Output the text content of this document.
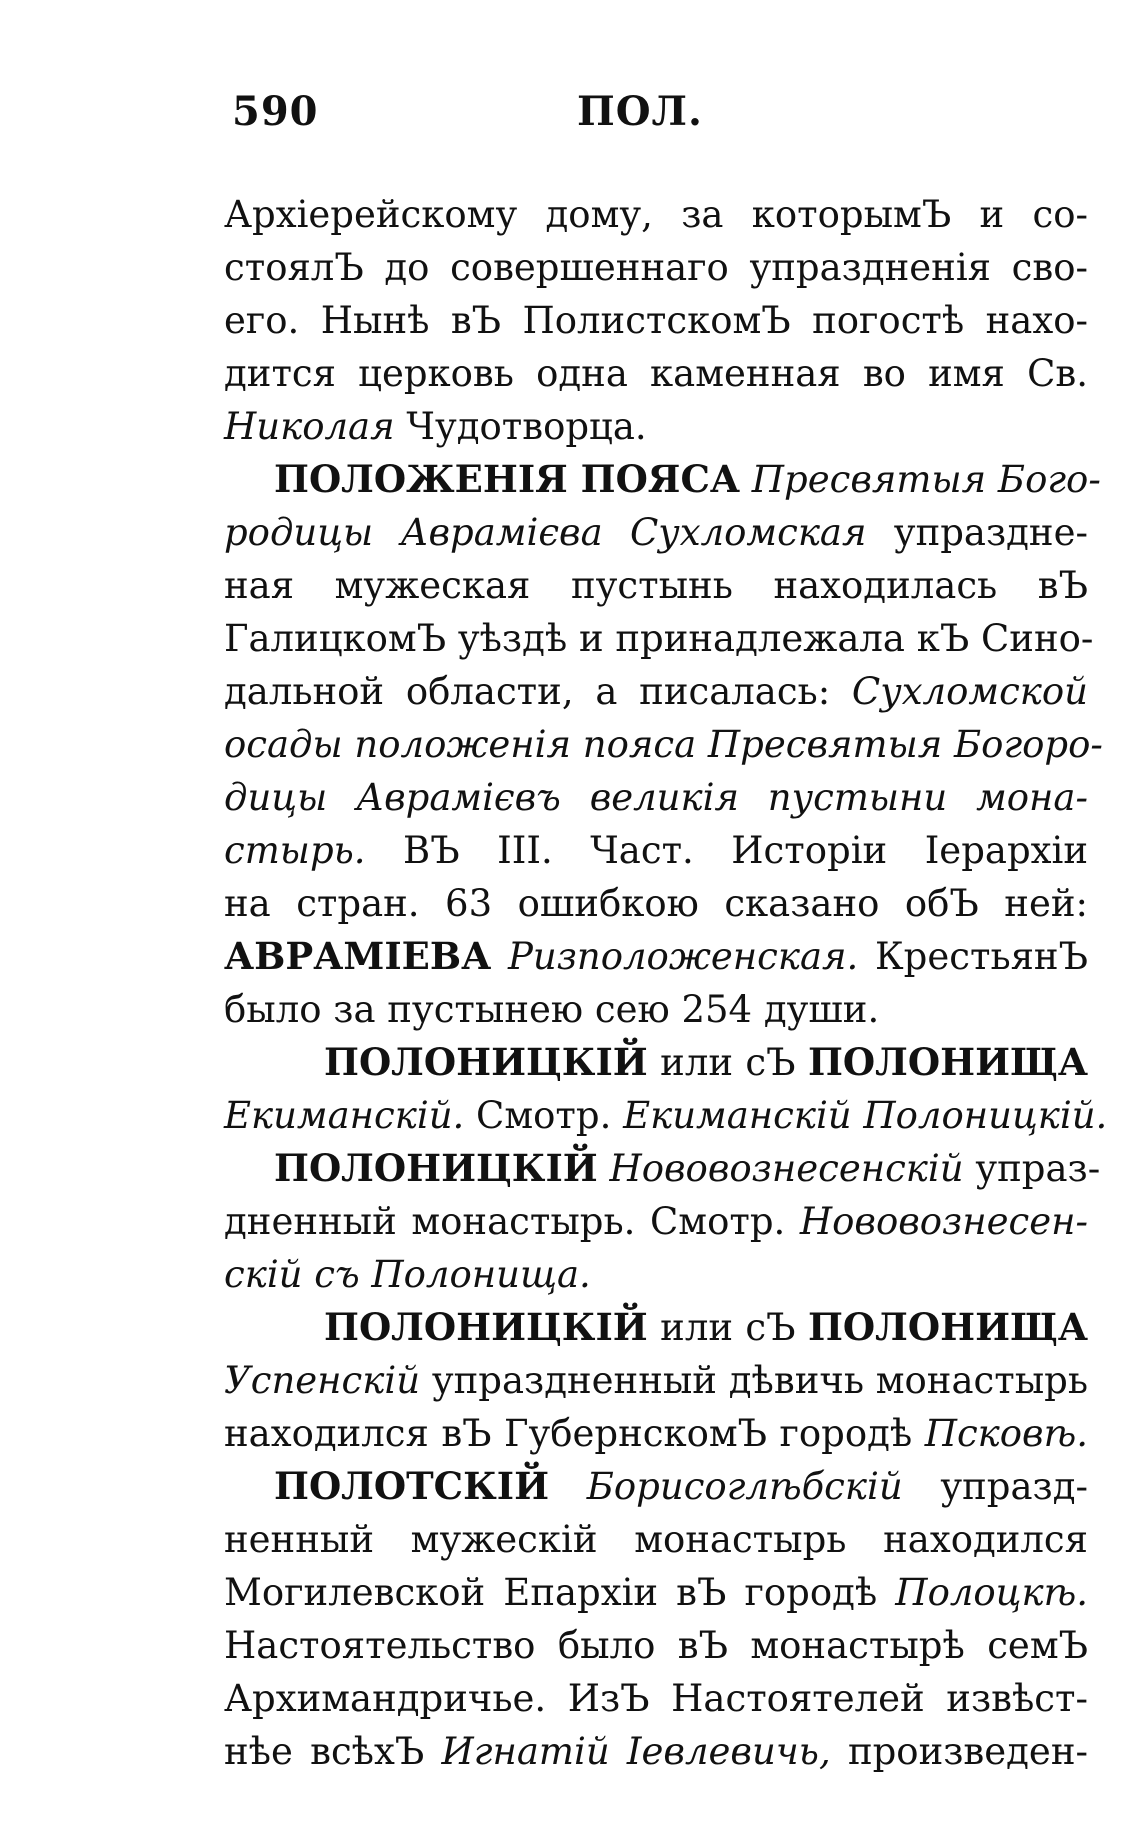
590	ПОЛ.
Архіерейскому дому, за которымЪ и со-
стоялЪ до совершеннаго упраздненія сво-
его. Нынѣ вЪ ПолистскомЪ погостѣ нахо-
дится церковь одна каменная во имя Св.
Николая Чудотворца.
ПОЛОЖЕНІЯ ПОЯСА Пресвятыя Бого-
родицы Аврамієва Сухломская упраздне-
ная мужеская пустынь находилась вЪ
ГалицкомЪ уѣздѣ и принадлежала кЪ Сино-
дальной области, а писалась: Сухломской
осады положенія пояса Пресвятыя Богоро-
дицы Аврамієвъ великія пустыни мона-
стырь. ВЪ III. Част. Исторіи Іерархіи
на стран. 63 ошибкою сказано обЪ ней:
АВРАМІЕВА Ризположенская. КрестьянЪ
было за пустынею сею 254 души.
ПОЛОНИЦКІЙ или сЪ ПОЛОНИЩА
Екиманскій. Смотр. Екиманскій Полоницкій.
ПОЛОНИЦКІЙ Нововознесенскій упраз-
дненный монастырь. Смотр. Нововознесен-
скій съ Полонища.
ПОЛОНИЦКІЙ или сЪ ПОЛОНИЩА
Успенскій упраздненный дѣвичь монастырь
находился вЪ ГубернскомЪ городѣ Псковѣ.
ПОЛОТСКІЙ Борисоглѣбскій упразд-
ненный мужескій монастырь находился
Могилевской Епархіи вЪ городѣ Полоцкѣ.
Настоятельство было вЪ монастырѣ семЪ
Архимандричье. ИзЪ Настоятелей извѣст-
нѣе всѣхЪ Игнатій Іевлевичь, произведен-
